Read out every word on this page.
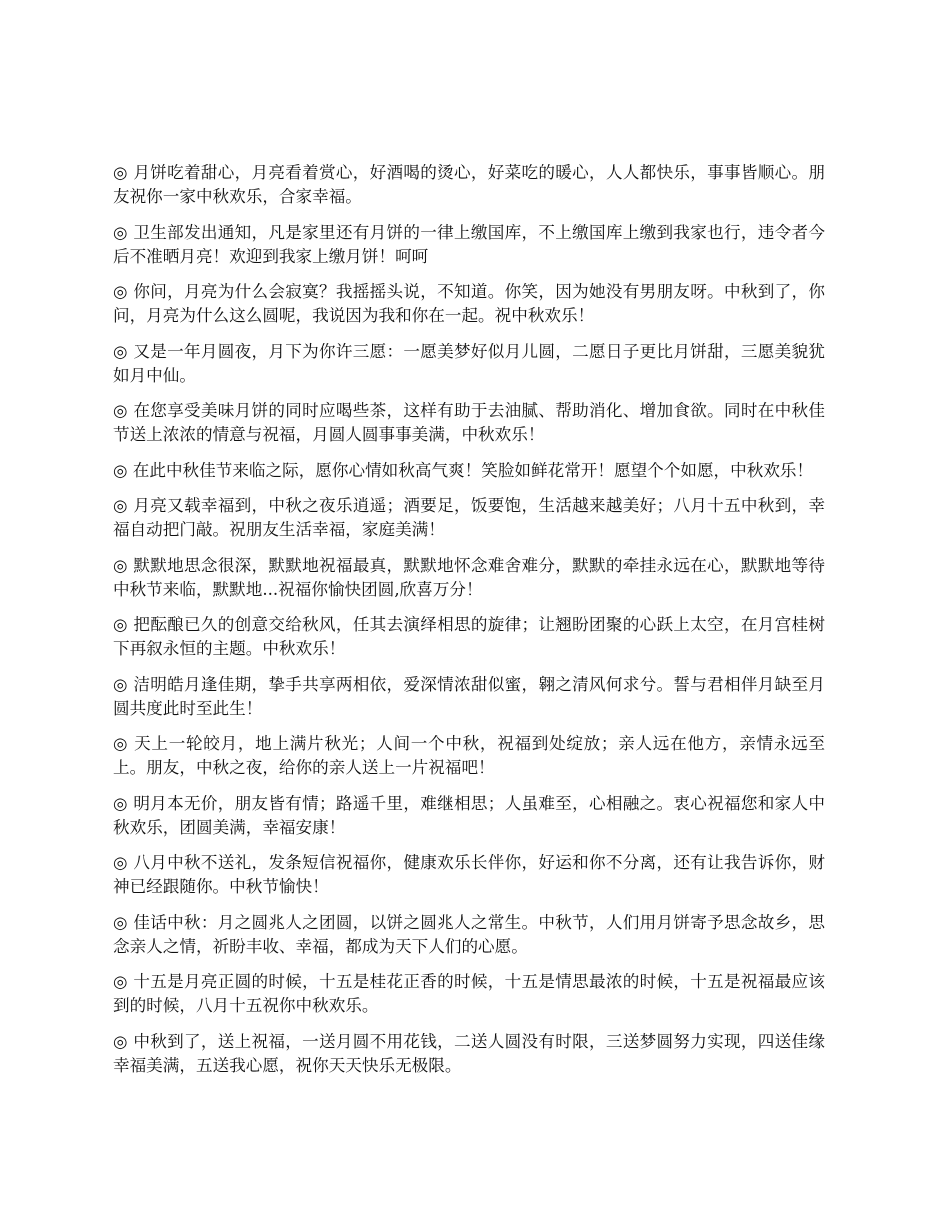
◎ 月饼吃着甜心，月亮看着赏心，好酒喝的烫心，好菜吃的暖心，人人都快乐，事事皆顺心。朋友祝你一家中秋欢乐，合家幸福。

◎ 卫生部发出通知，凡是家里还有月饼的一律上缴国库，不上缴国库上缴到我家也行，违令者今后不准晒月亮！欢迎到我家上缴月饼！呵呵

◎ 你问，月亮为什么会寂寞？我摇摇头说，不知道。你笑，因为她没有男朋友呀。中秋到了，你问，月亮为什么这么圆呢，我说因为我和你在一起。祝中秋欢乐！

◎ 又是一年月圆夜，月下为你许三愿：一愿美梦好似月儿圆，二愿日子更比月饼甜，三愿美貌犹如月中仙。

◎ 在您享受美味月饼的同时应喝些茶，这样有助于去油腻、帮助消化、增加食欲。同时在中秋佳节送上浓浓的情意与祝福，月圆人圆事事美满，中秋欢乐！

◎ 在此中秋佳节来临之际，愿你心情如秋高气爽！笑脸如鲜花常开！愿望个个如愿，中秋欢乐！

◎ 月亮又载幸福到，中秋之夜乐逍遥；酒要足，饭要饱，生活越来越美好；八月十五中秋到，幸福自动把门敲。祝朋友生活幸福，家庭美满！

◎ 默默地思念很深，默默地祝福最真，默默地怀念难舍难分，默默的牵挂永远在心，默默地等待中秋节来临，默默地...祝福你愉快团圆,欣喜万分！

◎ 把酝酿已久的创意交给秋风，任其去演绎相思的旋律；让翘盼团聚的心跃上太空，在月宫桂树下再叙永恒的主题。中秋欢乐！

◎ 洁明皓月逢佳期，挚手共享两相依，爱深情浓甜似蜜，翱之清风何求兮。誓与君相伴月缺至月圆共度此时至此生！

◎ 天上一轮皎月，地上满片秋光；人间一个中秋，祝福到处绽放；亲人远在他方，亲情永远至上。朋友，中秋之夜，给你的亲人送上一片祝福吧！

◎ 明月本无价，朋友皆有情；路遥千里，难继相思；人虽难至，心相融之。衷心祝福您和家人中秋欢乐，团圆美满，幸福安康！

◎ 八月中秋不送礼，发条短信祝福你，健康欢乐长伴你，好运和你不分离，还有让我告诉你，财神已经跟随你。中秋节愉快！

◎ 佳话中秋：月之圆兆人之团圆，以饼之圆兆人之常生。中秋节，人们用月饼寄予思念故乡，思念亲人之情，祈盼丰收、幸福，都成为天下人们的心愿。

◎ 十五是月亮正圆的时候，十五是桂花正香的时候，十五是情思最浓的时候，十五是祝福最应该到的时候，八月十五祝你中秋欢乐。

◎ 中秋到了，送上祝福，一送月圆不用花钱，二送人圆没有时限，三送梦圆努力实现，四送佳缘幸福美满，五送我心愿，祝你天天快乐无极限。
